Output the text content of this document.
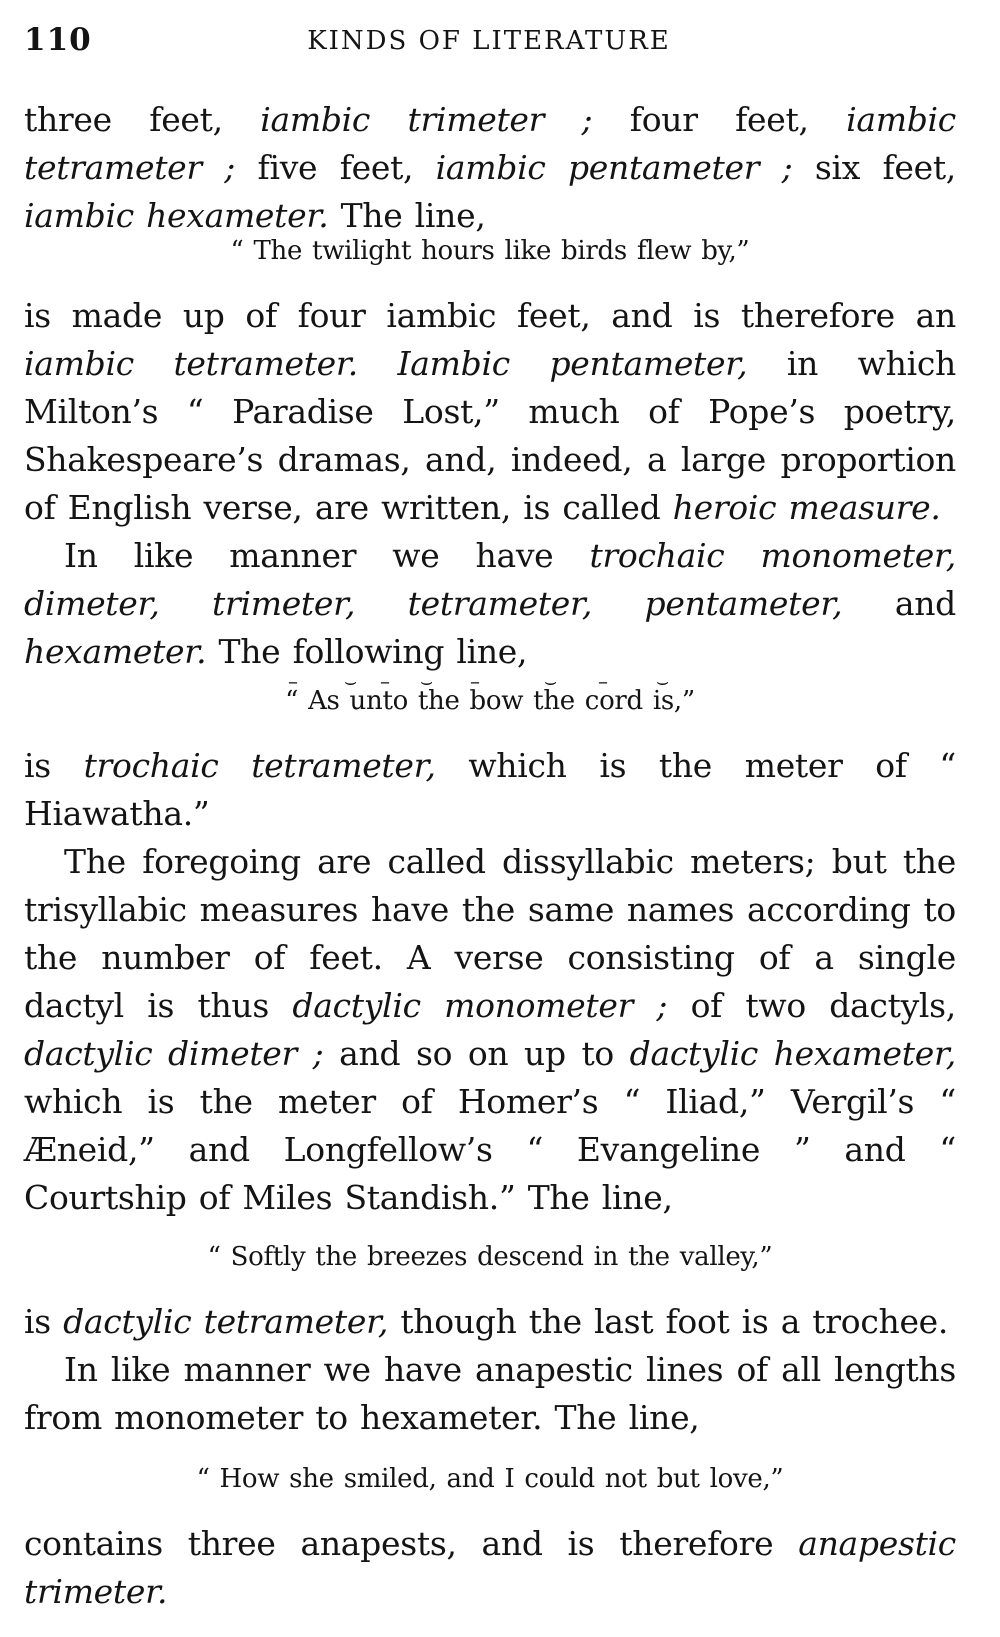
110	KINDS OF LITERATURE

three feet, iambic trimeter ; four feet, iambic tetrameter ; five feet, iambic pentameter ; six feet, iambic hexameter. The line,

“ The twilight hours like birds flew by,”

is made up of four iambic feet, and is therefore an iambic tetrameter. Iambic pentameter, in which Milton’s “ Paradise Lost,” much of Pope’s poetry, Shakespeare’s dramas, and, indeed, a large proportion of English verse, are written, is called heroic measure.

In like manner we have trochaic monometer, dimeter, trimeter, tetrameter, pentameter, and hexameter. The following line,

– ⌣ – ⌣ –	⌣ – ⌣

“ As unto the bow the cord is,”

is trochaic tetrameter, which is the meter of “ Hiawatha.”

The foregoing are called dissyllabic meters; but the trisyllabic measures have the same names according to the number of feet. A verse consisting of a single dactyl is thus dactylic monometer ; of two dactyls, dactylic dimeter ; and so on up to dactylic hexameter, which is the meter of Homer’s “ Iliad,” Vergil’s “ Æneid,” and Longfellow’s “ Evangeline ” and “ Courtship of Miles Standish.” The line,

“ Softly the breezes descend in the valley,”

is dactylic tetrameter, though the last foot is a trochee.

In like manner we have anapestic lines of all lengths from monometer to hexameter. The line,

“ How she smiled, and I could not but love,”

contains three anapests, and is therefore anapestic trimeter.
